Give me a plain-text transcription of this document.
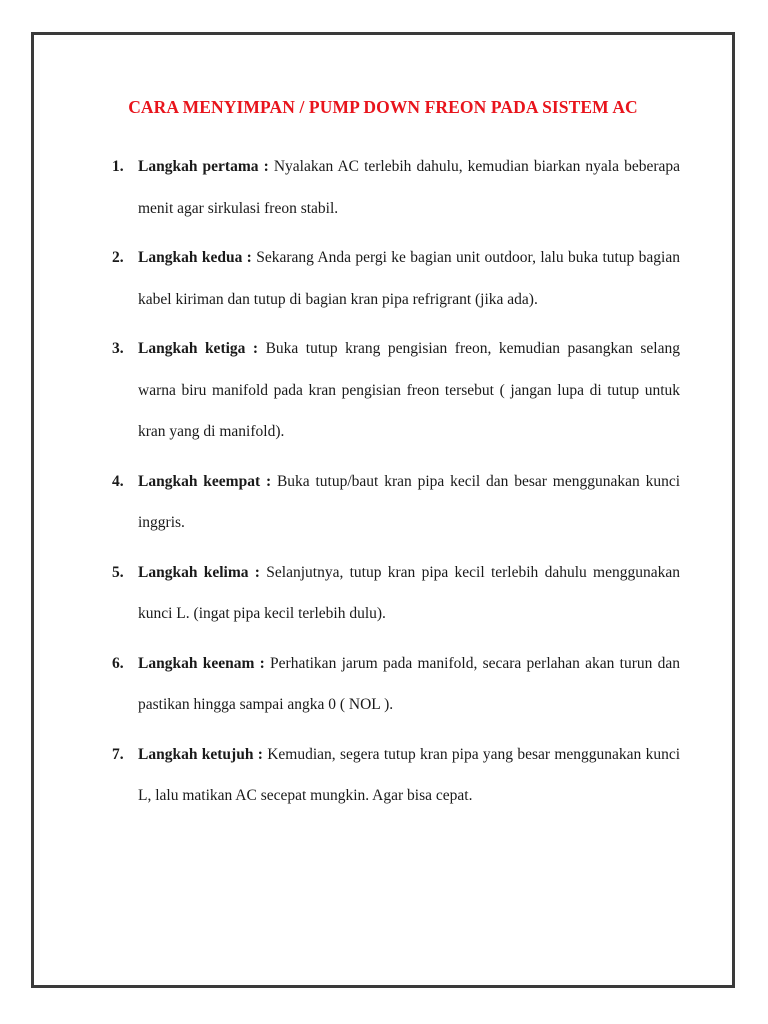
CARA MENYIMPAN / PUMP DOWN FREON PADA SISTEM AC
1. Langkah pertama : Nyalakan AC terlebih dahulu, kemudian biarkan nyala beberapa menit agar sirkulasi freon stabil.
2. Langkah kedua : Sekarang Anda pergi ke bagian unit outdoor, lalu buka tutup bagian kabel kiriman dan tutup di bagian kran pipa refrigrant (jika ada).
3. Langkah ketiga : Buka tutup krang pengisian freon, kemudian pasangkan selang warna biru manifold pada kran pengisian freon tersebut ( jangan lupa di tutup untuk kran yang di manifold).
4. Langkah keempat : Buka tutup/baut kran pipa kecil dan besar menggunakan kunci inggris.
5. Langkah kelima : Selanjutnya, tutup kran pipa kecil terlebih dahulu menggunakan kunci L. (ingat pipa kecil terlebih dulu).
6. Langkah keenam : Perhatikan jarum pada manifold, secara perlahan akan turun dan pastikan hingga sampai angka 0 ( NOL ).
7. Langkah ketujuh : Kemudian, segera tutup kran pipa yang besar menggunakan kunci L, lalu matikan AC secepat mungkin. Agar bisa cepat.
